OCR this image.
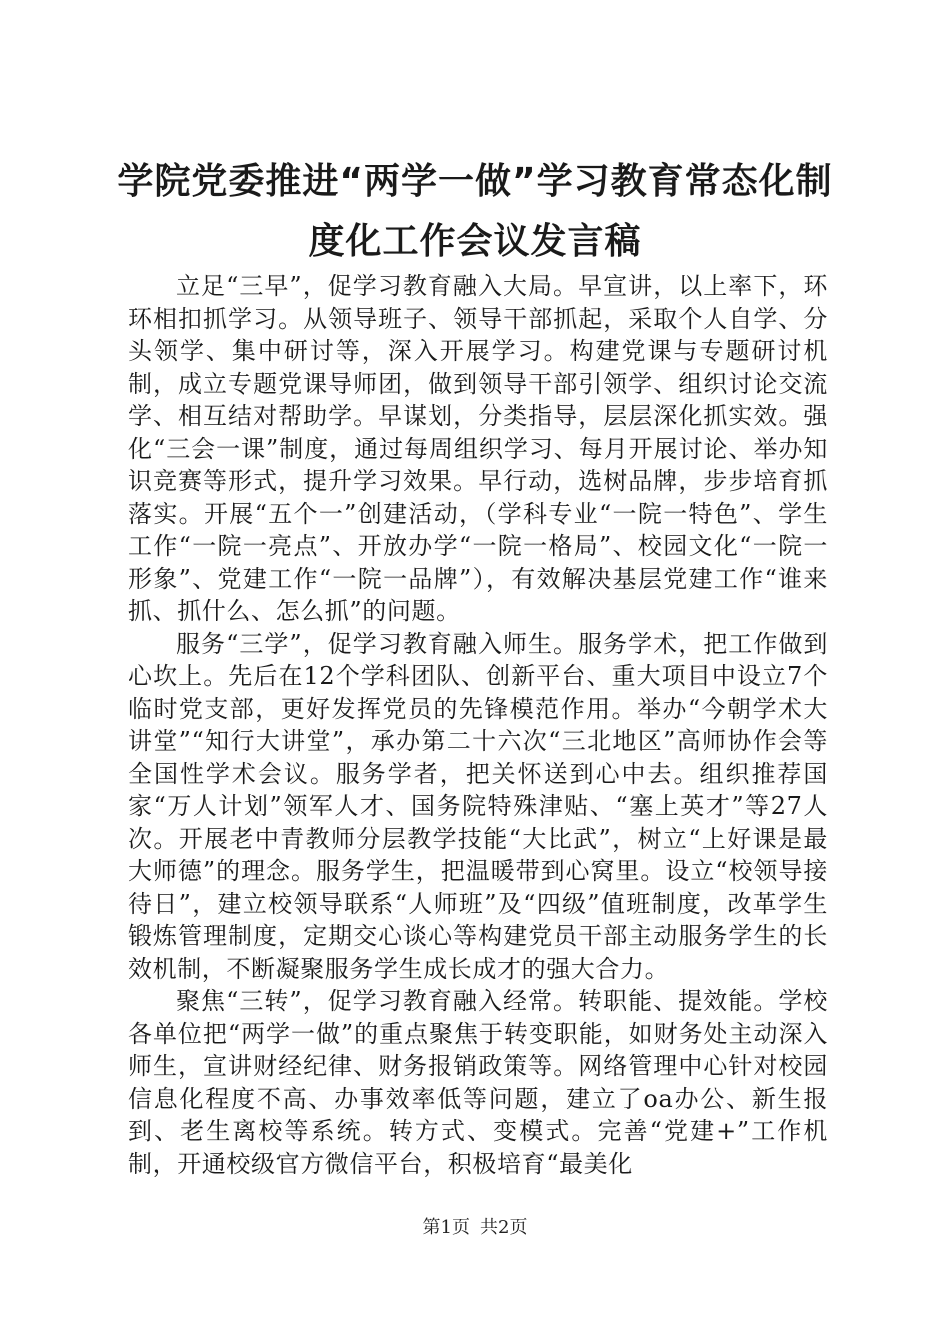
学院党委推进“两学一做”学习教育常态化制
度化工作会议发言稿

立足“三早”，促学习教育融入大局。早宣讲，以上率下，环环相扣抓学习。从领导班子、领导干部抓起，采取个人自学、分头领学、集中研讨等，深入开展学习。构建党课与专题研讨机制，成立专题党课导师团，做到领导干部引领学、组织讨论交流学、相互结对帮助学。早谋划，分类指导，层层深化抓实效。强化“三会一课”制度，通过每周组织学习、每月开展讨论、举办知识竞赛等形式，提升学习效果。早行动，选树品牌，步步培育抓落实。开展“五个一”创建活动，（学科专业“一院一特色”、学生工作“一院一亮点”、开放办学“一院一格局”、校园文化“一院一形象”、党建工作“一院一品牌”），有效解决基层党建工作“谁来抓、抓什么、怎么抓”的问题。

服务“三学”，促学习教育融入师生。服务学术，把工作做到心坎上。先后在12个学科团队、创新平台、重大项目中设立7个临时党支部，更好发挥党员的先锋模范作用。举办“今朝学术大讲堂”“知行大讲堂”，承办第二十六次“三北地区”高师协作会等全国性学术会议。服务学者，把关怀送到心中去。组织推荐国家“万人计划”领军人才、国务院特殊津贴、“塞上英才”等27人次。开展老中青教师分层教学技能“大比武”，树立“上好课是最大师德”的理念。服务学生，把温暖带到心窝里。设立“校领导接待日”，建立校领导联系“人师班”及“四级”值班制度，改革学生锻炼管理制度，定期交心谈心等构建党员干部主动服务学生的长效机制，不断凝聚服务学生成长成才的强大合力。

聚焦“三转”，促学习教育融入经常。转职能、提效能。学校各单位把“两学一做”的重点聚焦于转变职能，如财务处主动深入师生，宣讲财经纪律、财务报销政策等。网络管理中心针对校园信息化程度不高、办事效率低等问题，建立了oa办公、新生报到、老生离校等系统。转方式、变模式。完善“党建+”工作机制，开通校级官方微信平台，积极培育“最美化

第1页 共2页
